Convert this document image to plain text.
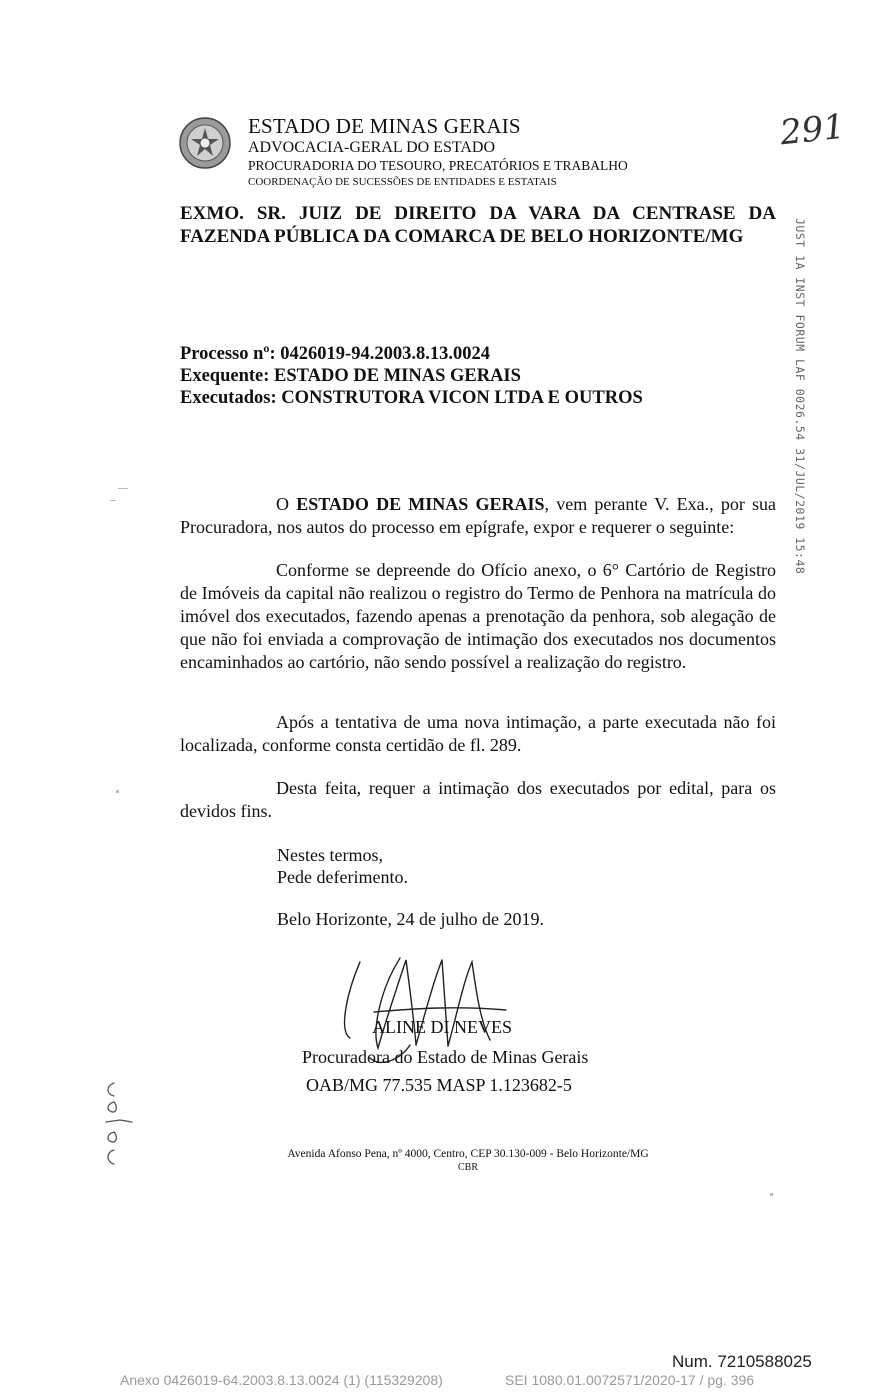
ESTADO DE MINAS GERAIS
ADVOCACIA-GERAL DO ESTADO
PROCURADORIA DO TESOURO, PRECATÓRIOS E TRABALHO
COORDENAÇÃO DE SUCESSÕES DE ENTIDADES E ESTATAIS
291
EXMO. SR. JUIZ DE DIREITO DA VARA DA CENTRASE DA
FAZENDA PÚBLICA DA COMARCA DE BELO HORIZONTE/MG	JUST 1A INST FORUM LAF 0026.54 31/JUL/2019 15:48
Processo nº: 0426019-94.2003.8.13.0024
Exequente: ESTADO DE MINAS GERAIS
Executados: CONSTRUTORA VICON LTDA E OUTROS
O ESTADO DE MINAS GERAIS, vem perante V. Exa., por sua Procuradora, nos autos do processo em epígrafe, expor e requerer o seguinte:
Conforme se depreende do Ofício anexo, o 6° Cartório de Registro de Imóveis da capital não realizou o registro do Termo de Penhora na matrícula do imóvel dos executados, fazendo apenas a prenotação da penhora, sob alegação de que não foi enviada a comprovação de intimação dos executados nos documentos encaminhados ao cartório, não sendo possível a realização do registro.
Após a tentativa de uma nova intimação, a parte executada não foi localizada, conforme consta certidão de fl. 289.
Desta feita, requer a intimação dos executados por edital, para os devidos fins.
Nestes termos,
Pede deferimento.
Belo Horizonte, 24 de julho de 2019.
ALINE DI NEVES
Procuradora do Estado de Minas Gerais
OAB/MG 77.535 MASP 1.123682-5
Avenida Afonso Pena, nº 4000, Centro, CEP 30.130-009 - Belo Horizonte/MG
CBR
Num. 7210588025
Anexo 0426019-64.2003.8.13.0024 (1) (115329208)	SEI 1080.01.0072571/2020-17 / pg. 396
